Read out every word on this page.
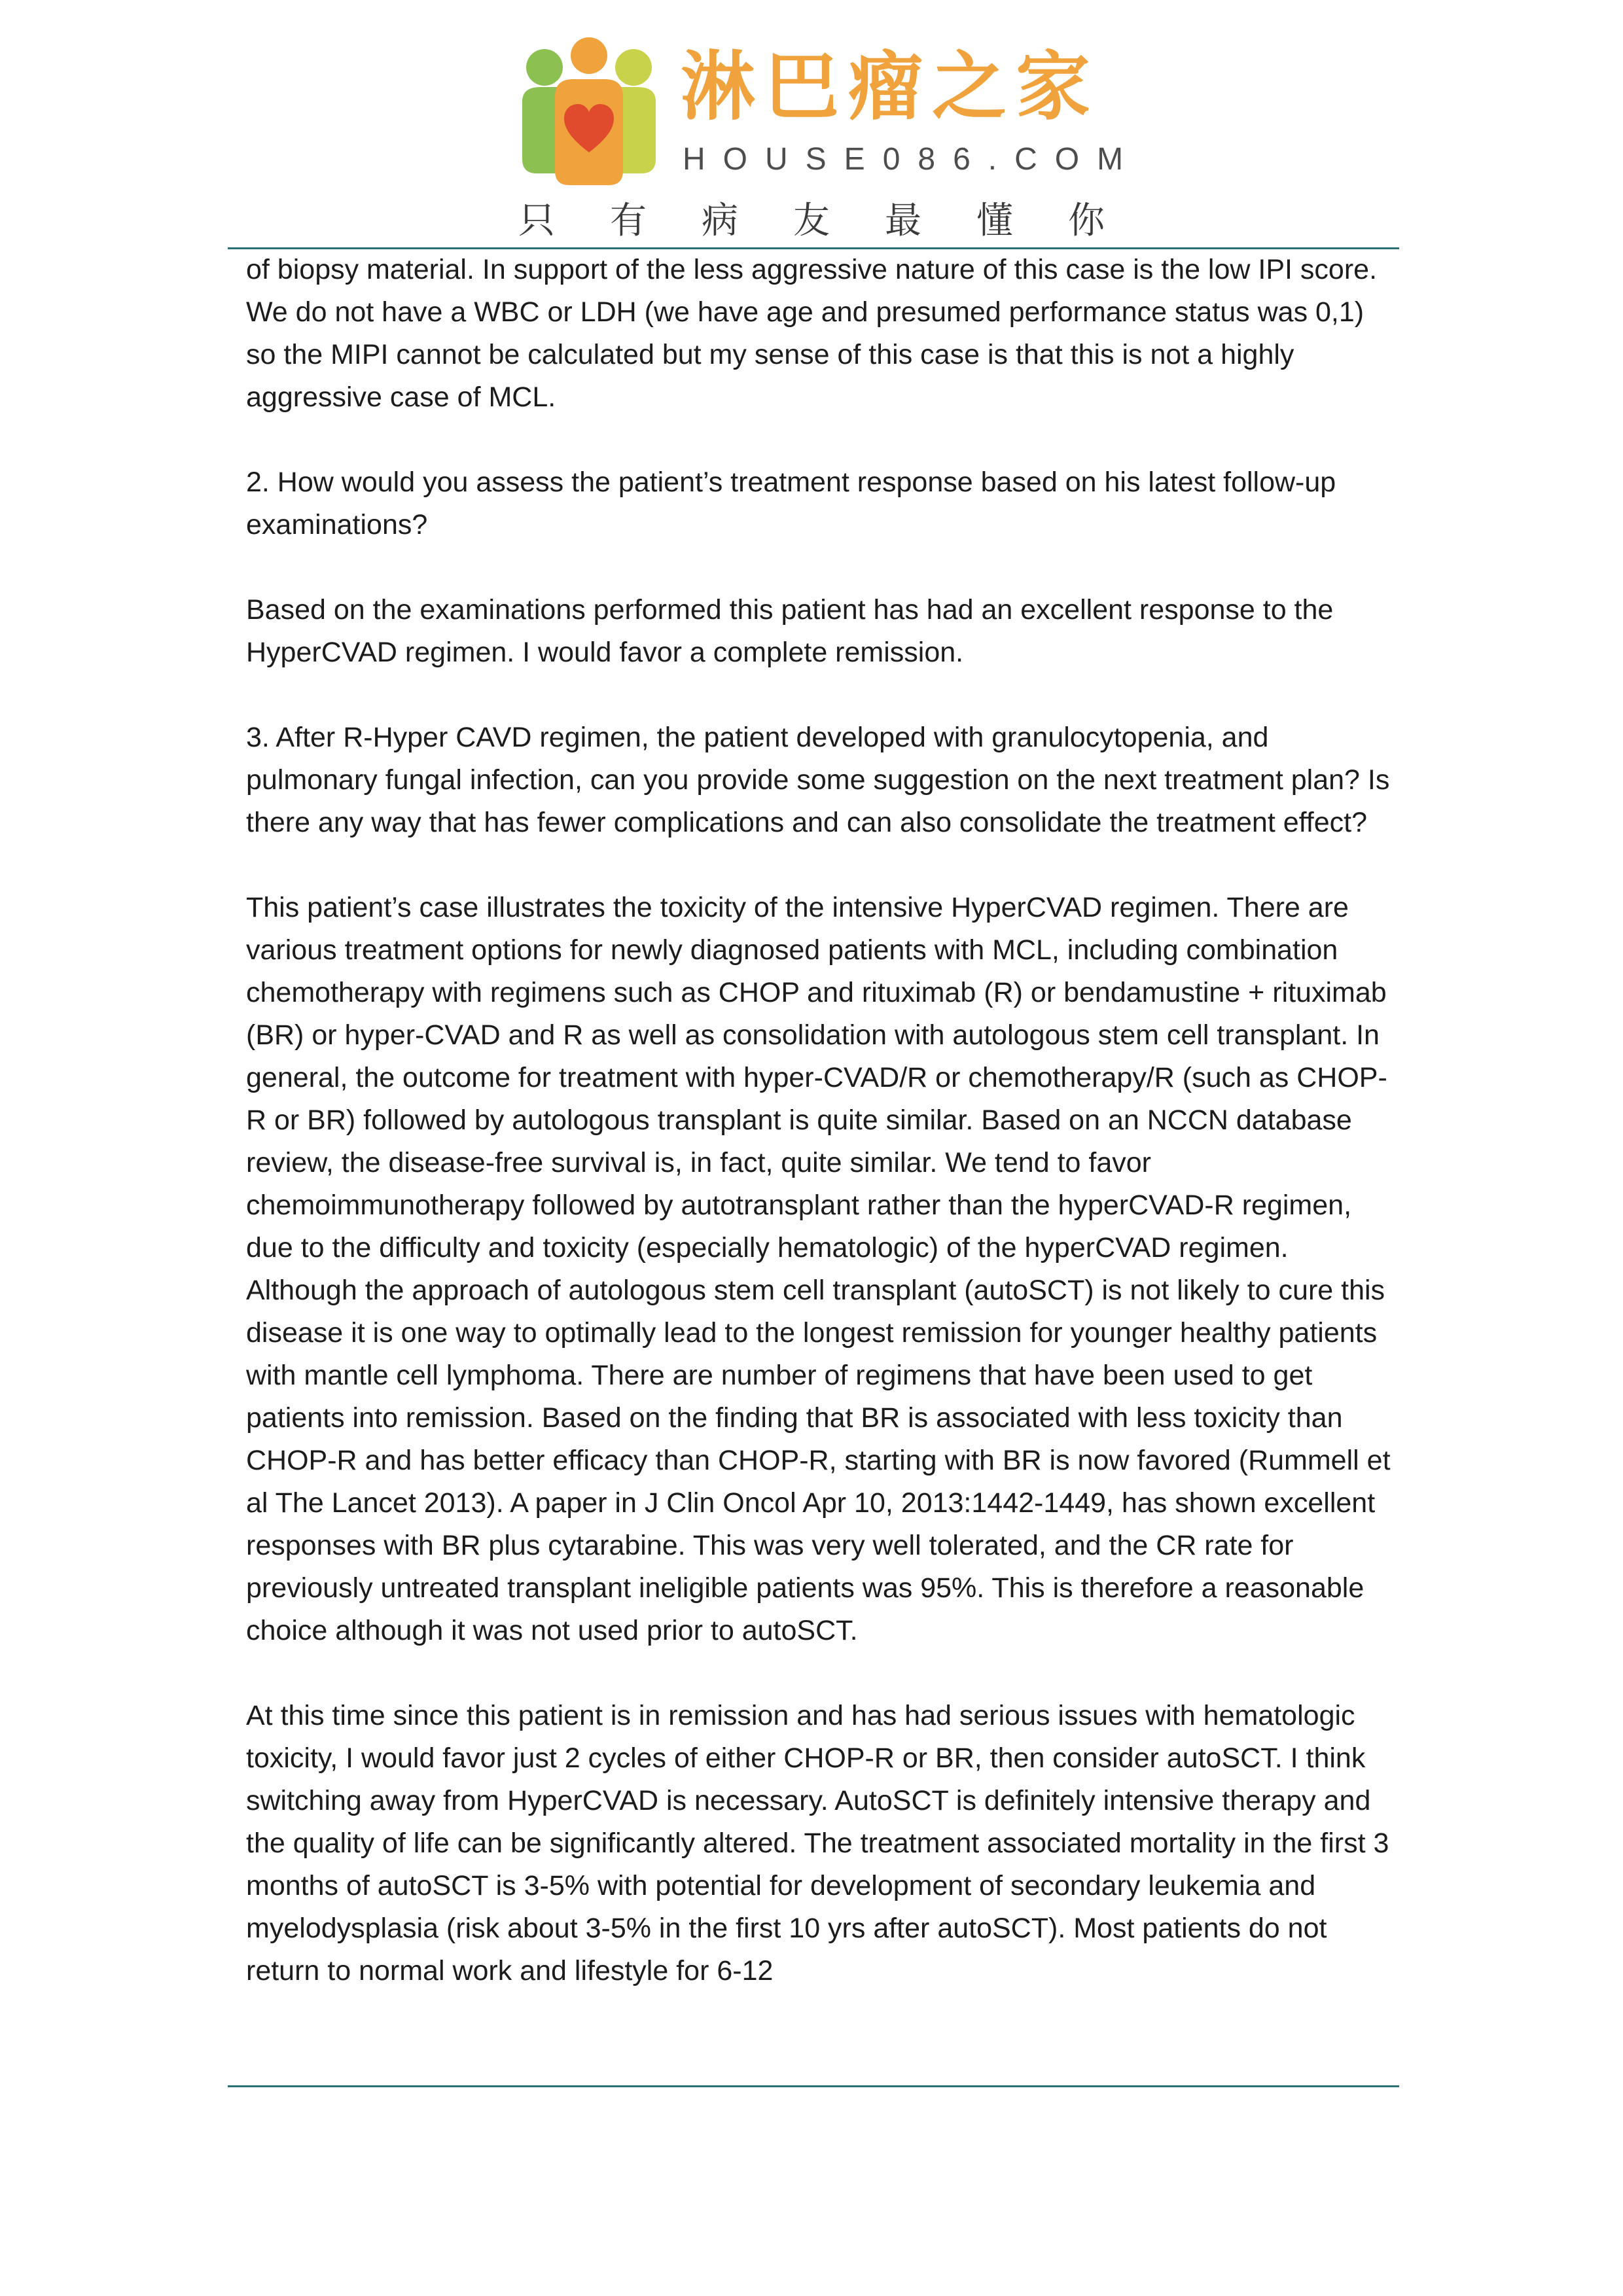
淋巴瘤之家
HOUSE086.COM
只有病友最懂你

of biopsy material. In support of the less aggressive nature of this case is the low IPI score. We do not have a WBC or LDH (we have age and presumed performance status was 0,1) so the MIPI cannot be calculated but my sense of this case is that this is not a highly aggressive case of MCL.

2. How would you assess the patient’s treatment response based on his latest follow-up examinations?

Based on the examinations performed this patient has had an excellent response to the HyperCVAD regimen. I would favor a complete remission.

3. After R-Hyper CAVD regimen, the patient developed with granulocytopenia, and pulmonary fungal infection, can you provide some suggestion on the next treatment plan? Is there any way that has fewer complications and can also consolidate the treatment effect?

This patient’s case illustrates the toxicity of the intensive HyperCVAD regimen. There are various treatment options for newly diagnosed patients with MCL, including combination chemotherapy with regimens such as CHOP and rituximab (R) or bendamustine + rituximab (BR) or hyper-CVAD and R as well as consolidation with autologous stem cell transplant. In general, the outcome for treatment with hyper-CVAD/R or chemotherapy/R (such as CHOP-R or BR) followed by autologous transplant is quite similar. Based on an NCCN database review, the disease-free survival is, in fact, quite similar. We tend to favor chemoimmunotherapy followed by autotransplant rather than the hyperCVAD-R regimen, due to the difficulty and toxicity (especially hematologic) of the hyperCVAD regimen. Although the approach of autologous stem cell transplant (autoSCT) is not likely to cure this disease it is one way to optimally lead to the longest remission for younger healthy patients with mantle cell lymphoma. There are number of regimens that have been used to get patients into remission. Based on the finding that BR is associated with less toxicity than CHOP-R and has better efficacy than CHOP-R, starting with BR is now favored (Rummell et al The Lancet 2013). A paper in J Clin Oncol Apr 10, 2013:1442-1449, has shown excellent responses with BR plus cytarabine. This was very well tolerated, and the CR rate for previously untreated transplant ineligible patients was 95%. This is therefore a reasonable choice although it was not used prior to autoSCT.

At this time since this patient is in remission and has had serious issues with hematologic toxicity, I would favor just 2 cycles of either CHOP-R or BR, then consider autoSCT. I think switching away from HyperCVAD is necessary. AutoSCT is definitely intensive therapy and the quality of life can be significantly altered. The treatment associated mortality in the first 3 months of autoSCT is 3-5% with potential for development of secondary leukemia and myelodysplasia (risk about 3-5% in the first 10 yrs after autoSCT). Most patients do not return to normal work and lifestyle for 6-12
